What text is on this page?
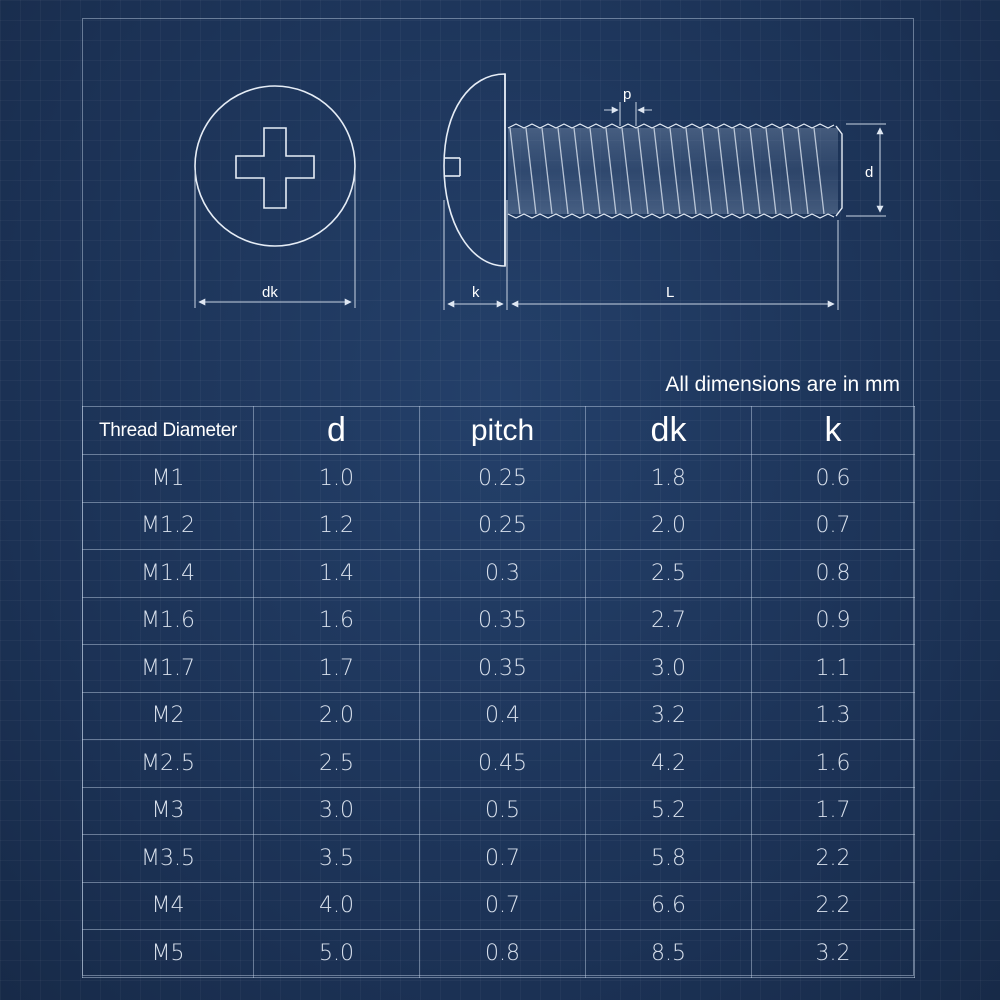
dk
p
d
k	L
All dimensions are in mm
Thread Diameter	d	pitch	dk	k
M1	1.0	0.25	1.8	0.6
M1.2	1.2	0.25	2.0	0.7
M1.4	1.4	0.3	2.5	0.8
M1.6	1.6	0.35	2.7	0.9
M1.7	1.7	0.35	3.0	1.1
M2	2.0	0.4	3.2	1.3
M2.5	2.5	0.45	4.2	1.6
M3	3.0	0.5	5.2	1.7
M3.5	3.5	0.7	5.8	2.2
M4	4.0	0.7	6.6	2.2
M5	5.0	0.8	8.5	3.2
